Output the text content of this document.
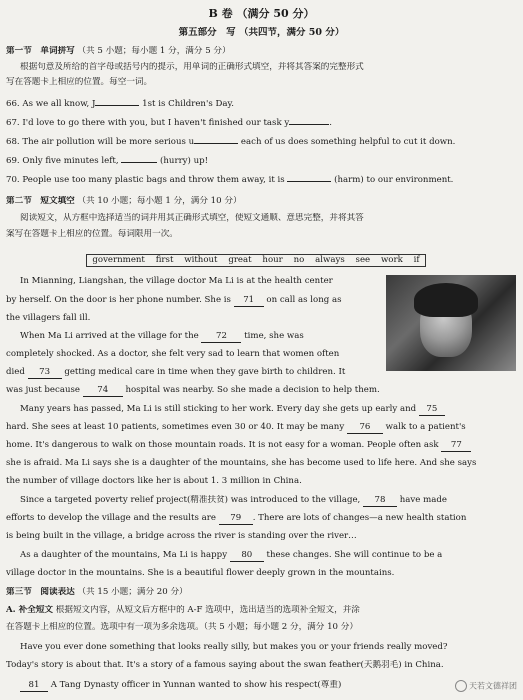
B 卷 （满分 50 分）
第五部分　写 （共四节，满分 50 分）
第一节　单词拼写 （共 5 小题；每小题 1 分，满分 5 分）
根据句意及所给的首字母或括号内的提示，用单词的正确形式填空，并将其答案的完整形式
写在答题卡上相应的位置。每空一词。
66. As we all know, J	1st is Children's Day.
67. I'd love to go there with you, but I haven't finished our task y	.
68. The air pollution will be more serious u	each of us does something helpful to cut it down.
69. Only five minutes left,	(hurry) up!
70. People use too many plastic bags and throw them away, it is	(harm) to our environment.
第二节　短文填空 （共 10 小题；每小题 1 分，满分 10 分）
阅读短文，从方框中选择适当的词并用其正确形式填空，使短文通顺、意思完整，并将其答
案写在答题卡上相应的位置。每词限用一次。
government first without great hour no always see work if
In Mianning, Liangshan, the village doctor Ma Li is at the health center
by herself. On the door is her phone number. She is 71 on call as long as
the villagers fall ill.
When Ma Li arrived at the village for the 72 time, she was
completely shocked. As a doctor, she felt very sad to learn that women often
died 73 getting medical care in time when they gave birth to children. It
was just because 74 hospital was nearby. So she made a decision to help them.
Many years has passed, Ma Li is still sticking to her work. Every day she gets up early and 75
hard. She sees at least 10 patients, sometimes even 30 or 40. It may be many 76 walk to a patient's
home. It's dangerous to walk on those mountain roads. It is not easy for a woman. People often ask 77
she is afraid. Ma Li says she is a daughter of the mountains, she has become used to life here. And she says
the number of village doctors like her is about 1. 3 million in China.
Since a targeted poverty relief project(精准扶贫) was introduced to the village, 78 have made
efforts to develop the village and the results are 79 . There are lots of changes—a new health station
is being built in the village, a bridge across the river is standing over the river…
As a daughter of the mountains, Ma Li is happy 80 these changes. She will continue to be a
village doctor in the mountains. She is a beautiful flower deeply grown in the mountains.
第三节　阅读表达 （共 15 小题；满分 20 分）
A. 补全短文 根据短文内容，从短文后方框中的 A-F 选项中，选出适当的选项补全短文，并涂
在答题卡上相应的位置。选项中有一项为多余选项。（共 5 小题；每小题 2 分，满分 10 分）
Have you ever done something that looks really silly, but makes you or your friends really moved?
Today's story is about that. It's a story of a famous saying about the swan feather(天鹅羽毛) in China.
81 A Tang Dynasty officer in Yunnan wanted to show his respect(尊重)	天若文德祥团
